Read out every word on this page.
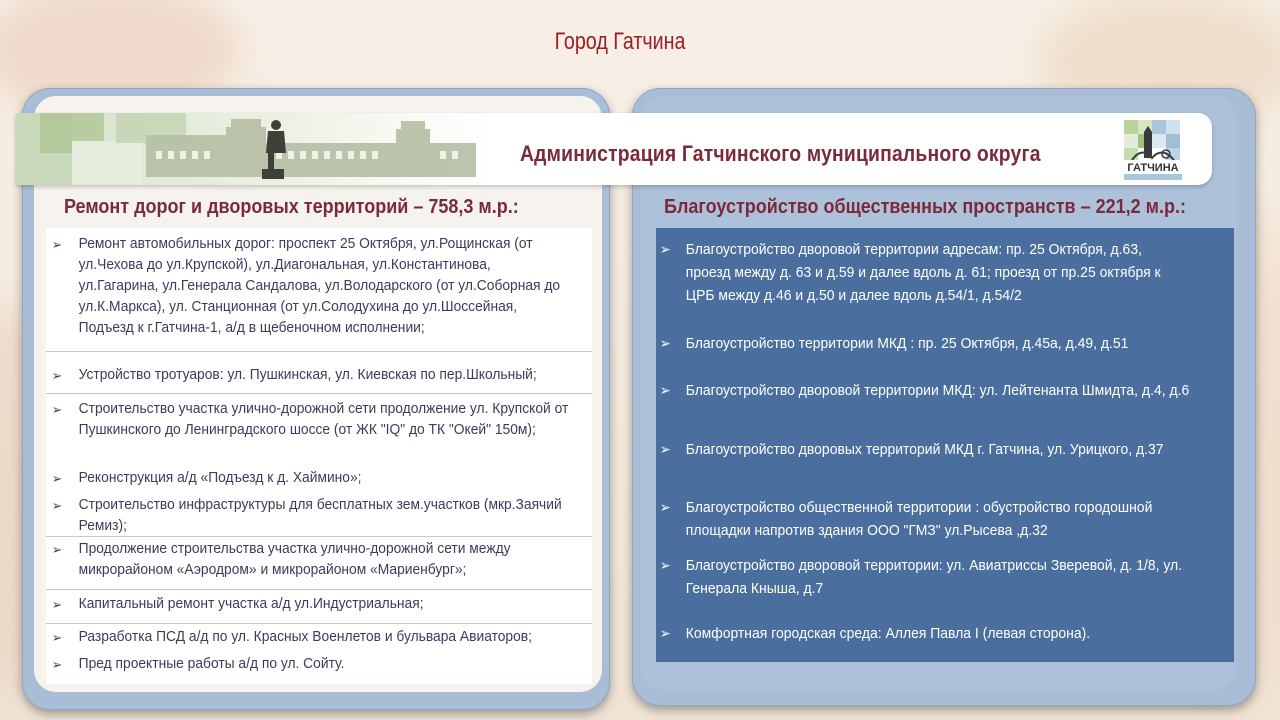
Город Гатчина
Администрация Гатчинского муниципального округа
ГАТЧИНА
Ремонт дорог и дворовых территорий – 758,3 м.р.:	Благоустройство общественных пространств – 221,2 м.р.:
➢ Ремонт автомобильных дорог: проспект 25 Октября, ул.Рощинская (от ул.Чехова до ул.Крупской), ул.Диагональная, ул.Константинова, ул.Гагарина, ул.Генерала Сандалова, ул.Володарского (от ул.Соборная до ул.К.Маркса), ул. Станционная (от ул.Солодухина до ул.Шоссейная, Подъезд к г.Гатчина-1, а/д в щебеночном исполнении;
➢ Устройство тротуаров: ул. Пушкинская, ул. Киевская по пер.Школьный;
➢ Строительство участка улично-дорожной сети продолжение ул. Крупской от Пушкинского до Ленинградского шоссе (от ЖК "IQ" до ТК "Окей" 150м);
➢ Реконструкция а/д «Подъезд к д. Хаймино»;
➢ Строительство инфраструктуры для бесплатных зем.участков (мкр.Заячий Ремиз);
➢ Продолжение строительства участка улично-дорожной сети между микрорайоном «Аэродром» и микрорайоном «Мариенбург»;
➢ Капитальный ремонт участка а/д ул.Индустриальная;
➢ Разработка ПСД а/д по ул. Красных Военлетов и бульвара Авиаторов;
➢ Пред проектные работы а/д по ул. Сойту.
➢ Благоустройство дворовой территории адресам: пр. 25 Октября, д.63, проезд между д. 63 и д.59 и далее вдоль д. 61; проезд от пр.25 октября к ЦРБ между д.46 и д.50 и далее вдоль д.54/1, д.54/2
➢ Благоустройство территории МКД : пр. 25 Октября, д.45а, д.49, д.51
➢ Благоустройство дворовой территории МКД: ул. Лейтенанта Шмидта, д.4, д.6
➢ Благоустройство дворовых территорий МКД г. Гатчина, ул. Урицкого, д.37
➢ Благоустройство общественной территории : обустройство городошной площадки напротив здания ООО "ГМЗ" ул.Рысева ,д.32
➢ Благоустройство дворовой территории: ул. Авиатриссы Зверевой, д. 1/8, ул. Генерала Кныша, д.7
➢ Комфортная городская среда: Аллея Павла I (левая сторона).
